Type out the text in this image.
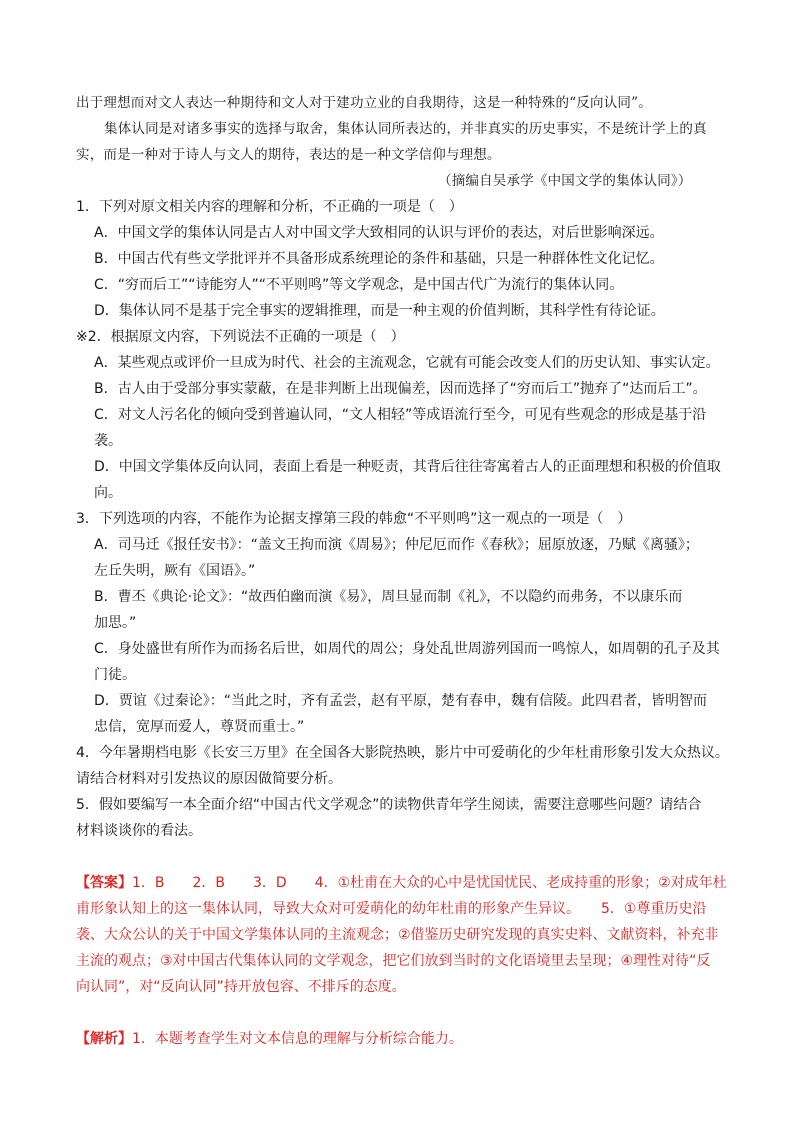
出于理想而对文人表达一种期待和文人对于建功立业的自我期待，这是一种特殊的“反向认同”。
集体认同是对诸多事实的选择与取舍，集体认同所表达的，并非真实的历史事实，不是统计学上的真
实，而是一种对于诗人与文人的期待，表达的是一种文学信仰与理想。
（摘编自吴承学《中国文学的集体认同》）
1．下列对原文相关内容的理解和分析，不正确的一项是（　）
A．中国文学的集体认同是古人对中国文学大致相同的认识与评价的表达，对后世影响深远。
B．中国古代有些文学批评并不具备形成系统理论的条件和基础，只是一种群体性文化记忆。
C．“穷而后工”“诗能穷人”“不平则鸣”等文学观念，是中国古代广为流行的集体认同。
D．集体认同不是基于完全事实的逻辑推理，而是一种主观的价值判断，其科学性有待论证。
※2．根据原文内容，下列说法不正确的一项是（　）
A．某些观点或评价一旦成为时代、社会的主流观念，它就有可能会改变人们的历史认知、事实认定。
B．古人由于受部分事实蒙蔽，在是非判断上出现偏差，因而选择了“穷而后工”抛弃了“达而后工”。
C．对文人污名化的倾向受到普遍认同，“文人相轻”等成语流行至今，可见有些观念的形成是基于沿
袭。
D．中国文学集体反向认同，表面上看是一种贬责，其背后往往寄寓着古人的正面理想和积极的价值取
向。
3．下列选项的内容，不能作为论据支撑第三段的韩愈“不平则鸣”这一观点的一项是（　）
A．司马迁《报任安书》：“盖文王拘而演《周易》；仲尼厄而作《春秋》；屈原放逐，乃赋《离骚》；
左丘失明，厥有《国语》。”
B．曹丕《典论·论文》：“故西伯幽而演《易》，周旦显而制《礼》，不以隐约而弗务，不以康乐而
加思。”
C．身处盛世有所作为而扬名后世，如周代的周公；身处乱世周游列国而一鸣惊人，如周朝的孔子及其
门徒。
D．贾谊《过秦论》：“当此之时，齐有孟尝，赵有平原，楚有春申，魏有信陵。此四君者，皆明智而
忠信，宽厚而爱人，尊贤而重士。”
4．今年暑期档电影《长安三万里》在全国各大影院热映，影片中可爱萌化的少年杜甫形象引发大众热议。
请结合材料对引发热议的原因做简要分析。
5．假如要编写一本全面介绍“中国古代文学观念”的读物供青年学生阅读，需要注意哪些问题？请结合
材料谈谈你的看法。
【答案】1．B　　2．B　　3．D　　4．①杜甫在大众的心中是忧国忧民、老成持重的形象；②对成年杜
甫形象认知上的这一集体认同，导致大众对可爱萌化的幼年杜甫的形象产生异议。　　5．①尊重历史沿
袭、大众公认的关于中国文学集体认同的主流观念；②借鉴历史研究发现的真实史料、文献资料，补充非
主流的观点；③对中国古代集体认同的文学观念，把它们放到当时的文化语境里去呈现；④理性对待“反
向认同”，对“反向认同”持开放包容、不排斥的态度。
【解析】1．本题考查学生对文本信息的理解与分析综合能力。
